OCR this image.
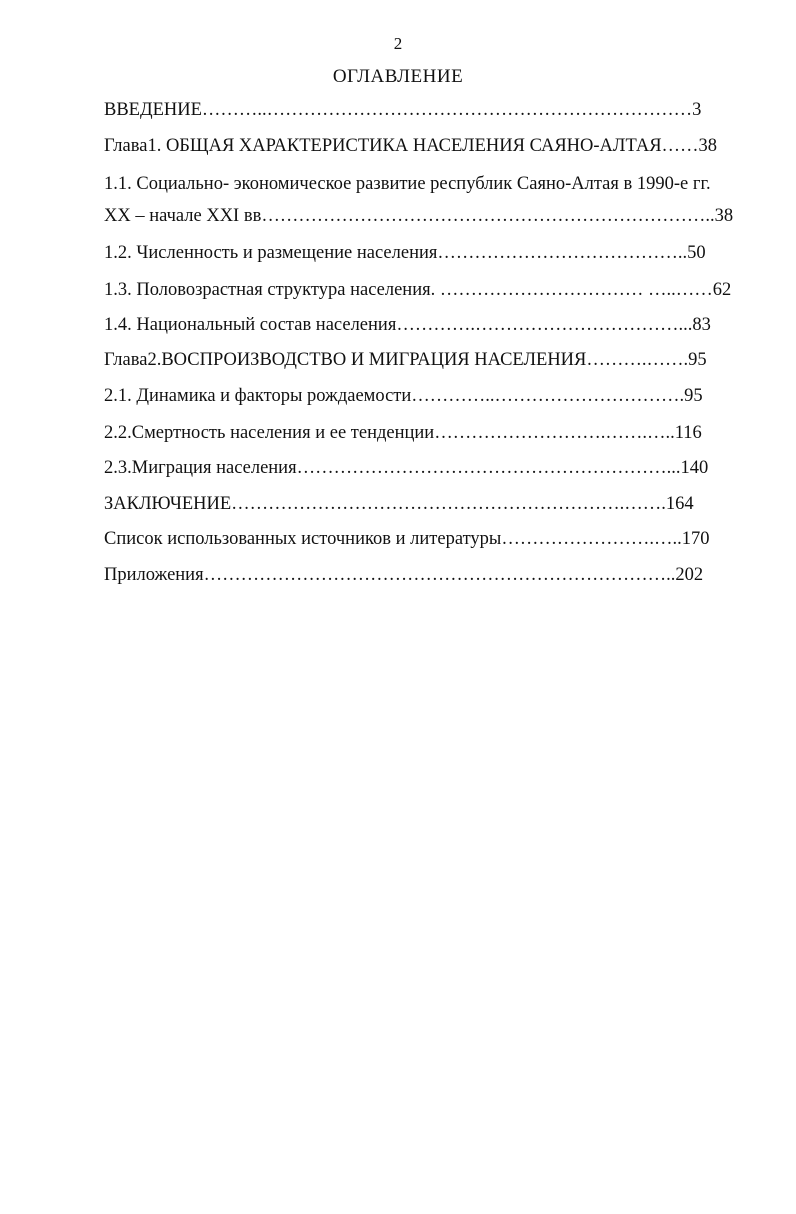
2
ОГЛАВЛЕНИЕ
ВВЕДЕНИЕ………..……………………………………………………………3
Глава1. ОБЩАЯ ХАРАКТЕРИСТИКА НАСЕЛЕНИЯ САЯНО-АЛТАЯ……38
1.1. Социально- экономическое развитие республик Саяно-Алтая в 1990-е гг.
XX – начале XXI вв………………………………………………………………..38
1.2. Численность и размещение населения…………………………………..50
1.3. Половозрастная структура населения. …………………………… …..……62
1.4. Национальный состав населения………….……………………………...83
Глава2.ВОСПРОИЗВОДСТВО И МИГРАЦИЯ НАСЕЛЕНИЯ……….…….95
2.1. Динамика и факторы рождаемости…………..………………………….95
2.2.Смертность населения и ее тенденции……………………….…….…..116
2.3.Миграция населения……………………………………………………...140
ЗАКЛЮЧЕНИЕ……………………………………………………….…….164
Список использованных источников и литературы…………………….…..170
Приложения…………………………………………………………………..202
